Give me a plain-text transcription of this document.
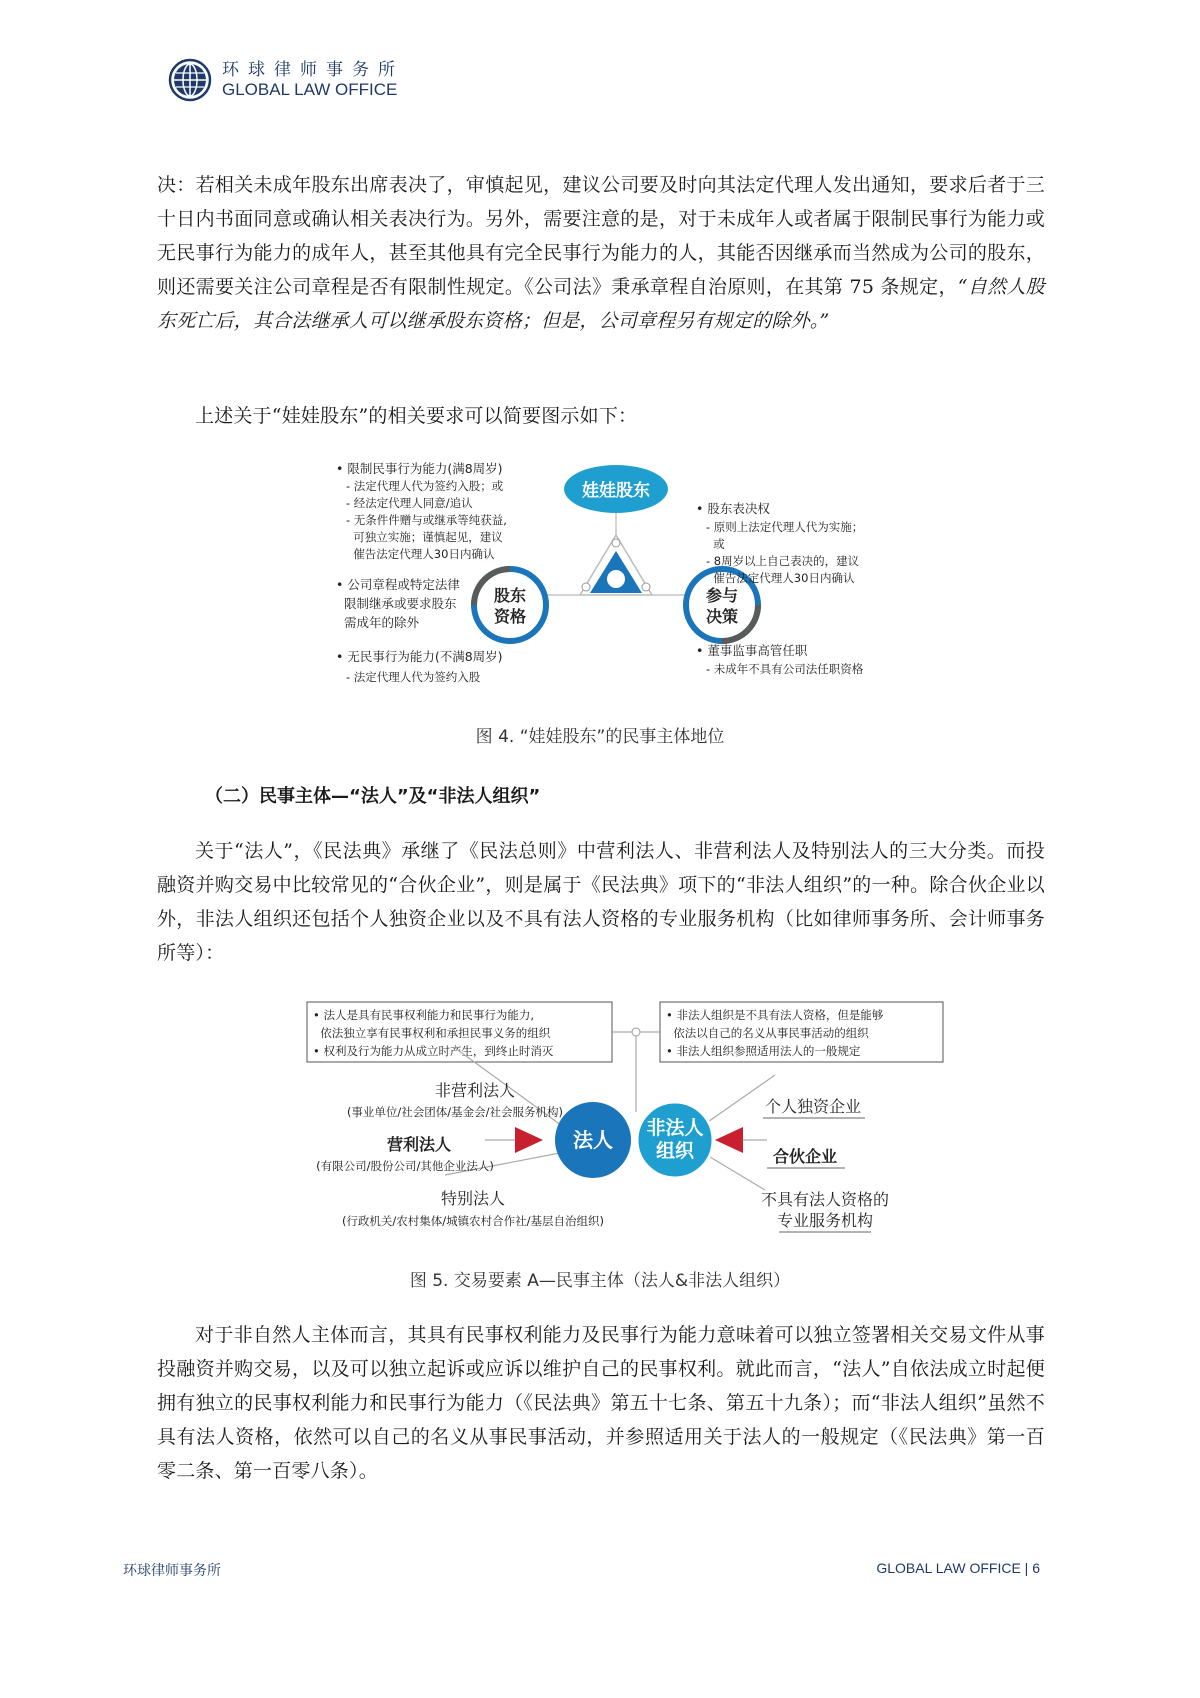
环球律师事务所
GLOBAL LAW OFFICE

决：若相关未成年股东出席表决了，审慎起见，建议公司要及时向其法定代理人发出通知，要求后者于三十日内书面同意或确认相关表决行为。另外，需要注意的是，对于未成年人或者属于限制民事行为能力或无民事行为能力的成年人，甚至其他具有完全民事行为能力的人，其能否因继承而当然成为公司的股东，则还需要关注公司章程是否有限制性规定。《公司法》秉承章程自治原则，在其第 75 条规定，“自然人股东死亡后，其合法继承人可以继承股东资格；但是，公司章程另有规定的除外。”

上述关于“娃娃股东”的相关要求可以简要图示如下：

娃娃股东
股东
资格
参与
决策
• 限制民事行为能力(满8周岁)
- 法定代理人代为签约入股；或
- 经法定代理人同意/追认
- 无条件件赠与或继承等纯获益,
可独立实施；谨慎起见，建议
催告法定代理人30日内确认
• 公司章程或特定法律
限制继承或要求股东
需成年的除外
• 无民事行为能力(不满8周岁)
- 法定代理人代为签约入股
• 股东表决权
- 原则上法定代理人代为实施；
或
- 8周岁以上自己表决的，建议
催告法定代理人30日内确认
• 董事监事高管任职
- 未成年不具有公司法任职资格
图 4. “娃娃股东”的民事主体地位
（二）民事主体—“法人”及“非法人组织”

关于“法人”，《民法典》承继了《民法总则》中营利法人、非营利法人及特别法人的三大分类。而投融资并购交易中比较常见的“合伙企业”，则是属于《民法典》项下的“非法人组织”的一种。除合伙企业以外，非法人组织还包括个人独资企业以及不具有法人资格的专业服务机构（比如律师事务所、会计师事务所等）：

• 法人是具有民事权利能力和民事行为能力,
依法独立享有民事权利和承担民事义务的组织
• 权利及行为能力从成立时产生，到终止时消灭
• 非法人组织是不具有法人资格，但是能够
依法以自己的名义从事民事活动的组织
• 非法人组织参照适用法人的一般规定
法人 非法人
组织
非营利法人
(事业单位/社会团体/基金会/社会服务机构)
营利法人
(有限公司/股份公司/其他企业法人)
特别法人
(行政机关/农村集体/城镇农村合作社/基层自治组织)
个人独资企业
合伙企业
不具有法人资格的
专业服务机构
图 5. 交易要素 A—民事主体（法人&非法人组织）

对于非自然人主体而言，其具有民事权利能力及民事行为能力意味着可以独立签署相关交易文件从事投融资并购交易，以及可以独立起诉或应诉以维护自己的民事权利。就此而言，“法人”自依法成立时起便拥有独立的民事权利能力和民事行为能力（《民法典》第五十七条、第五十九条）；而“非法人组织”虽然不具有法人资格，依然可以自己的名义从事民事活动，并参照适用关于法人的一般规定（《民法典》第一百零二条、第一百零八条）。

环球律师事务所	GLOBAL LAW OFFICE | 6
